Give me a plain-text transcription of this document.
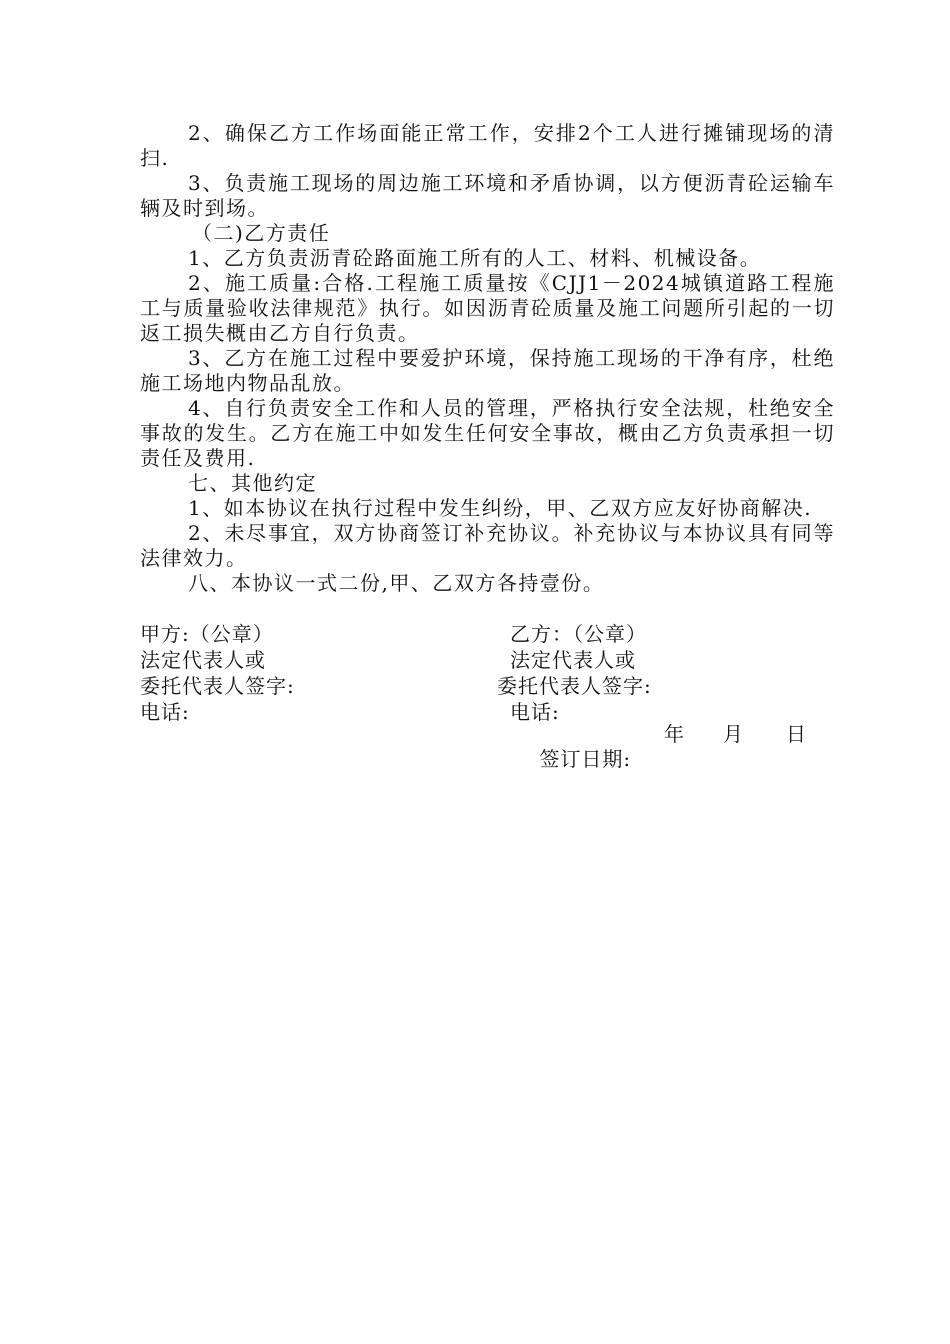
2、确保乙方工作场面能正常工作，安排2个工人进行摊铺现场的清扫.

3、负责施工现场的周边施工环境和矛盾协调，以方便沥青砼运输车辆及时到场。

（二)乙方责任

1、乙方负责沥青砼路面施工所有的人工、材料、机械设备。

2、施工质量:合格.工程施工质量按《CJJ1－2024城镇道路工程施工与质量验收法律规范》执行。如因沥青砼质量及施工问题所引起的一切返工损失概由乙方自行负责。

3、乙方在施工过程中要爱护环境，保持施工现场的干净有序，杜绝施工场地内物品乱放。

4、自行负责安全工作和人员的管理，严格执行安全法规，杜绝安全事故的发生。乙方在施工中如发生任何安全事故，概由乙方负责承担一切责任及费用.

七、其他约定

1、如本协议在执行过程中发生纠纷，甲、乙双方应友好协商解决.

2、未尽事宜，双方协商签订补充协议。补充协议与本协议具有同等法律效力。

八、本协议一式二份,甲、乙双方各持壹份。

甲方:（公章）
法定代表人或
委托代表人签字:
电话:
乙方：（公章）
法定代表人或
委托代表人签字:
电话:

签订日期:

年 月 日
